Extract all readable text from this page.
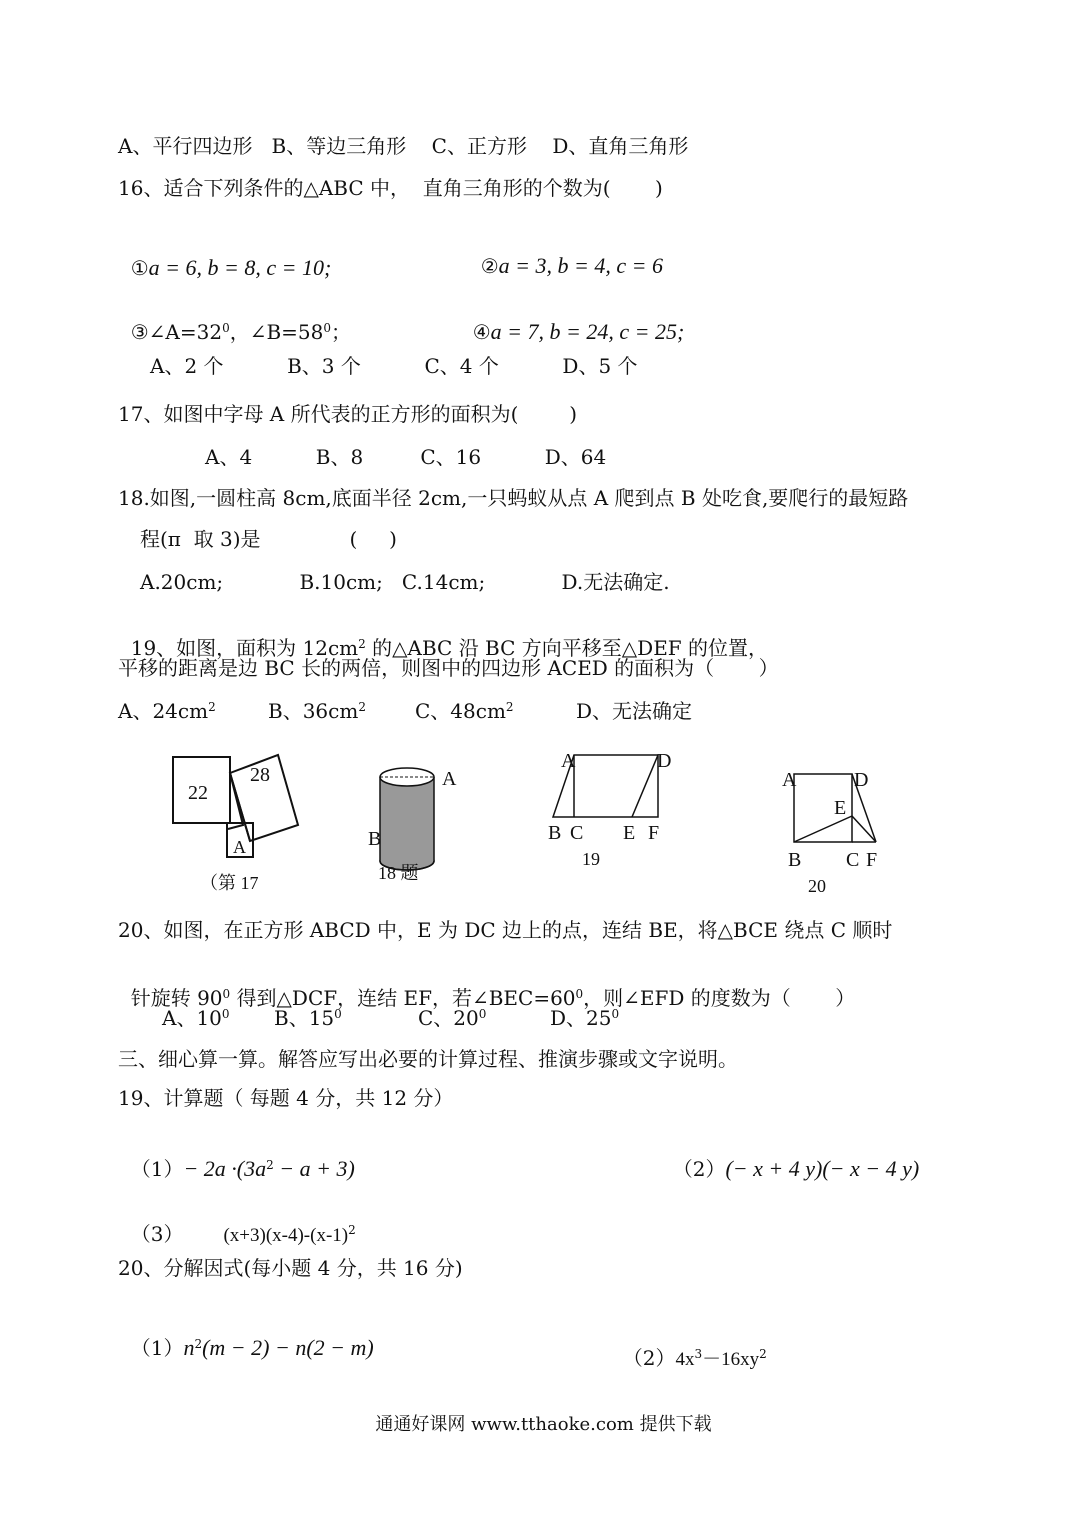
A、平行四边形   B、等边三角形    C、正方形    D、直角三角形
16、适合下列条件的△ABC 中，  直角三角形的个数为(       )

①a = 6, b = 8, c = 10;	②a = 3, b = 4, c = 6

$③\angle A=32^0$，$\angle B=58^0$；	④a = 7, b = 24, c = 25;

A、2 个          B、3 个          C、4 个          D、5 个
17、如图中字母 A 所代表的正方形的面积为(        )
A、4          B、8         C、16          D、64
18.如图,一圆柱高 8cm,底面半径 2cm,一只蚂蚁从点 A 爬到点 B 处吃食,要爬行的最短路
程(π  取 3)是              (     )
A.20cm;            B.10cm;   C.14cm;            D.无法确定.

19、如图，面积为 $12cm^2$ 的△ABC 沿 BC 方向平移至△DEF 的位置，

平移的距离是边 BC 长的两倍，则图中的四边形 ACED 的面积为（       ）
A、$24cm^2$	B、$36cm^2$ C、$48cm^2$	D、无法确定
22
28
A
（第 17
A
B
18 题
A	D
B C E F
19
A	D
E
B C F
20
20、如图，在正方形 ABCD 中，E 为 DC 边上的点，连结 BE，将△BCE 绕点 C 顺时

针旋转 $90^0$ 得到△DCF，连结 EF，若$\angle BEC=60^0$，则∠EFD 的度数为（       ）

A、$10^0$ B、$15^0$	C、$20^0$	D、$25^0$
三、细心算一算。解答应写出必要的计算过程、推演步骤或文字说明。
19、计算题（ 每题 4 分，共 12 分）

$(1)- 2a \cdot(3a^2 - a + 3)$	（2）(− x + 4 y)(− x − 4 y)

（3） $(x+3)(x-4)-(x-1)^2$

20、分解因式(每小题 4 分，共 16 分)

$(1)n^2(m - 2) - n(2 - m)$	$(2)4x^3-16xy^2$

通通好课网 www.tthaoke.com 提供下载
